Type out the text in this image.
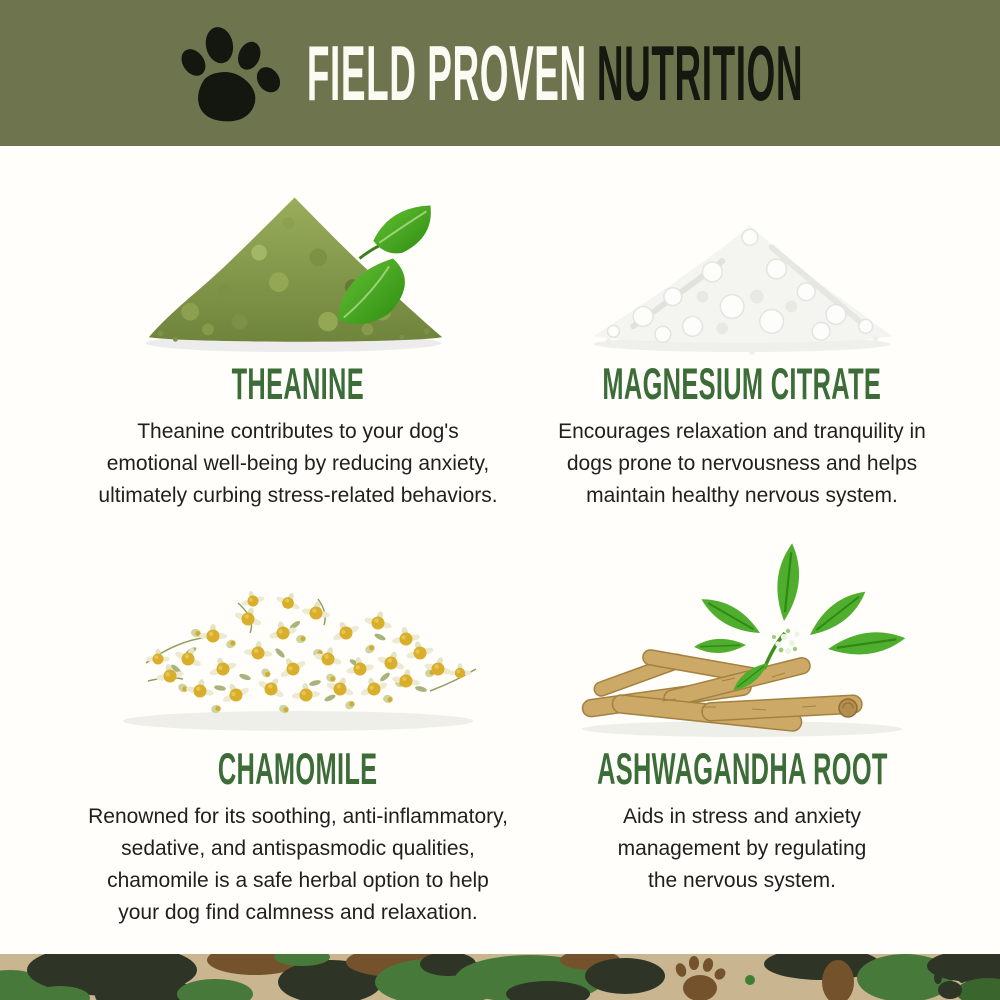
FIELD PROVEN NUTRITION
THEANINE

Theanine contributes to your dog's
emotional well-being by reducing anxiety,
ultimately curbing stress-related behaviors.

MAGNESIUM CITRATE

Encourages relaxation and tranquility in
dogs prone to nervousness and helps
maintain healthy nervous system.

CHAMOMILE

Renowned for its soothing, anti-inflammatory,
sedative, and antispasmodic qualities,
chamomile is a safe herbal option to help
your dog find calmness and relaxation.

ASHWAGANDHA ROOT

Aids in stress and anxiety
management by regulating
the nervous system.
